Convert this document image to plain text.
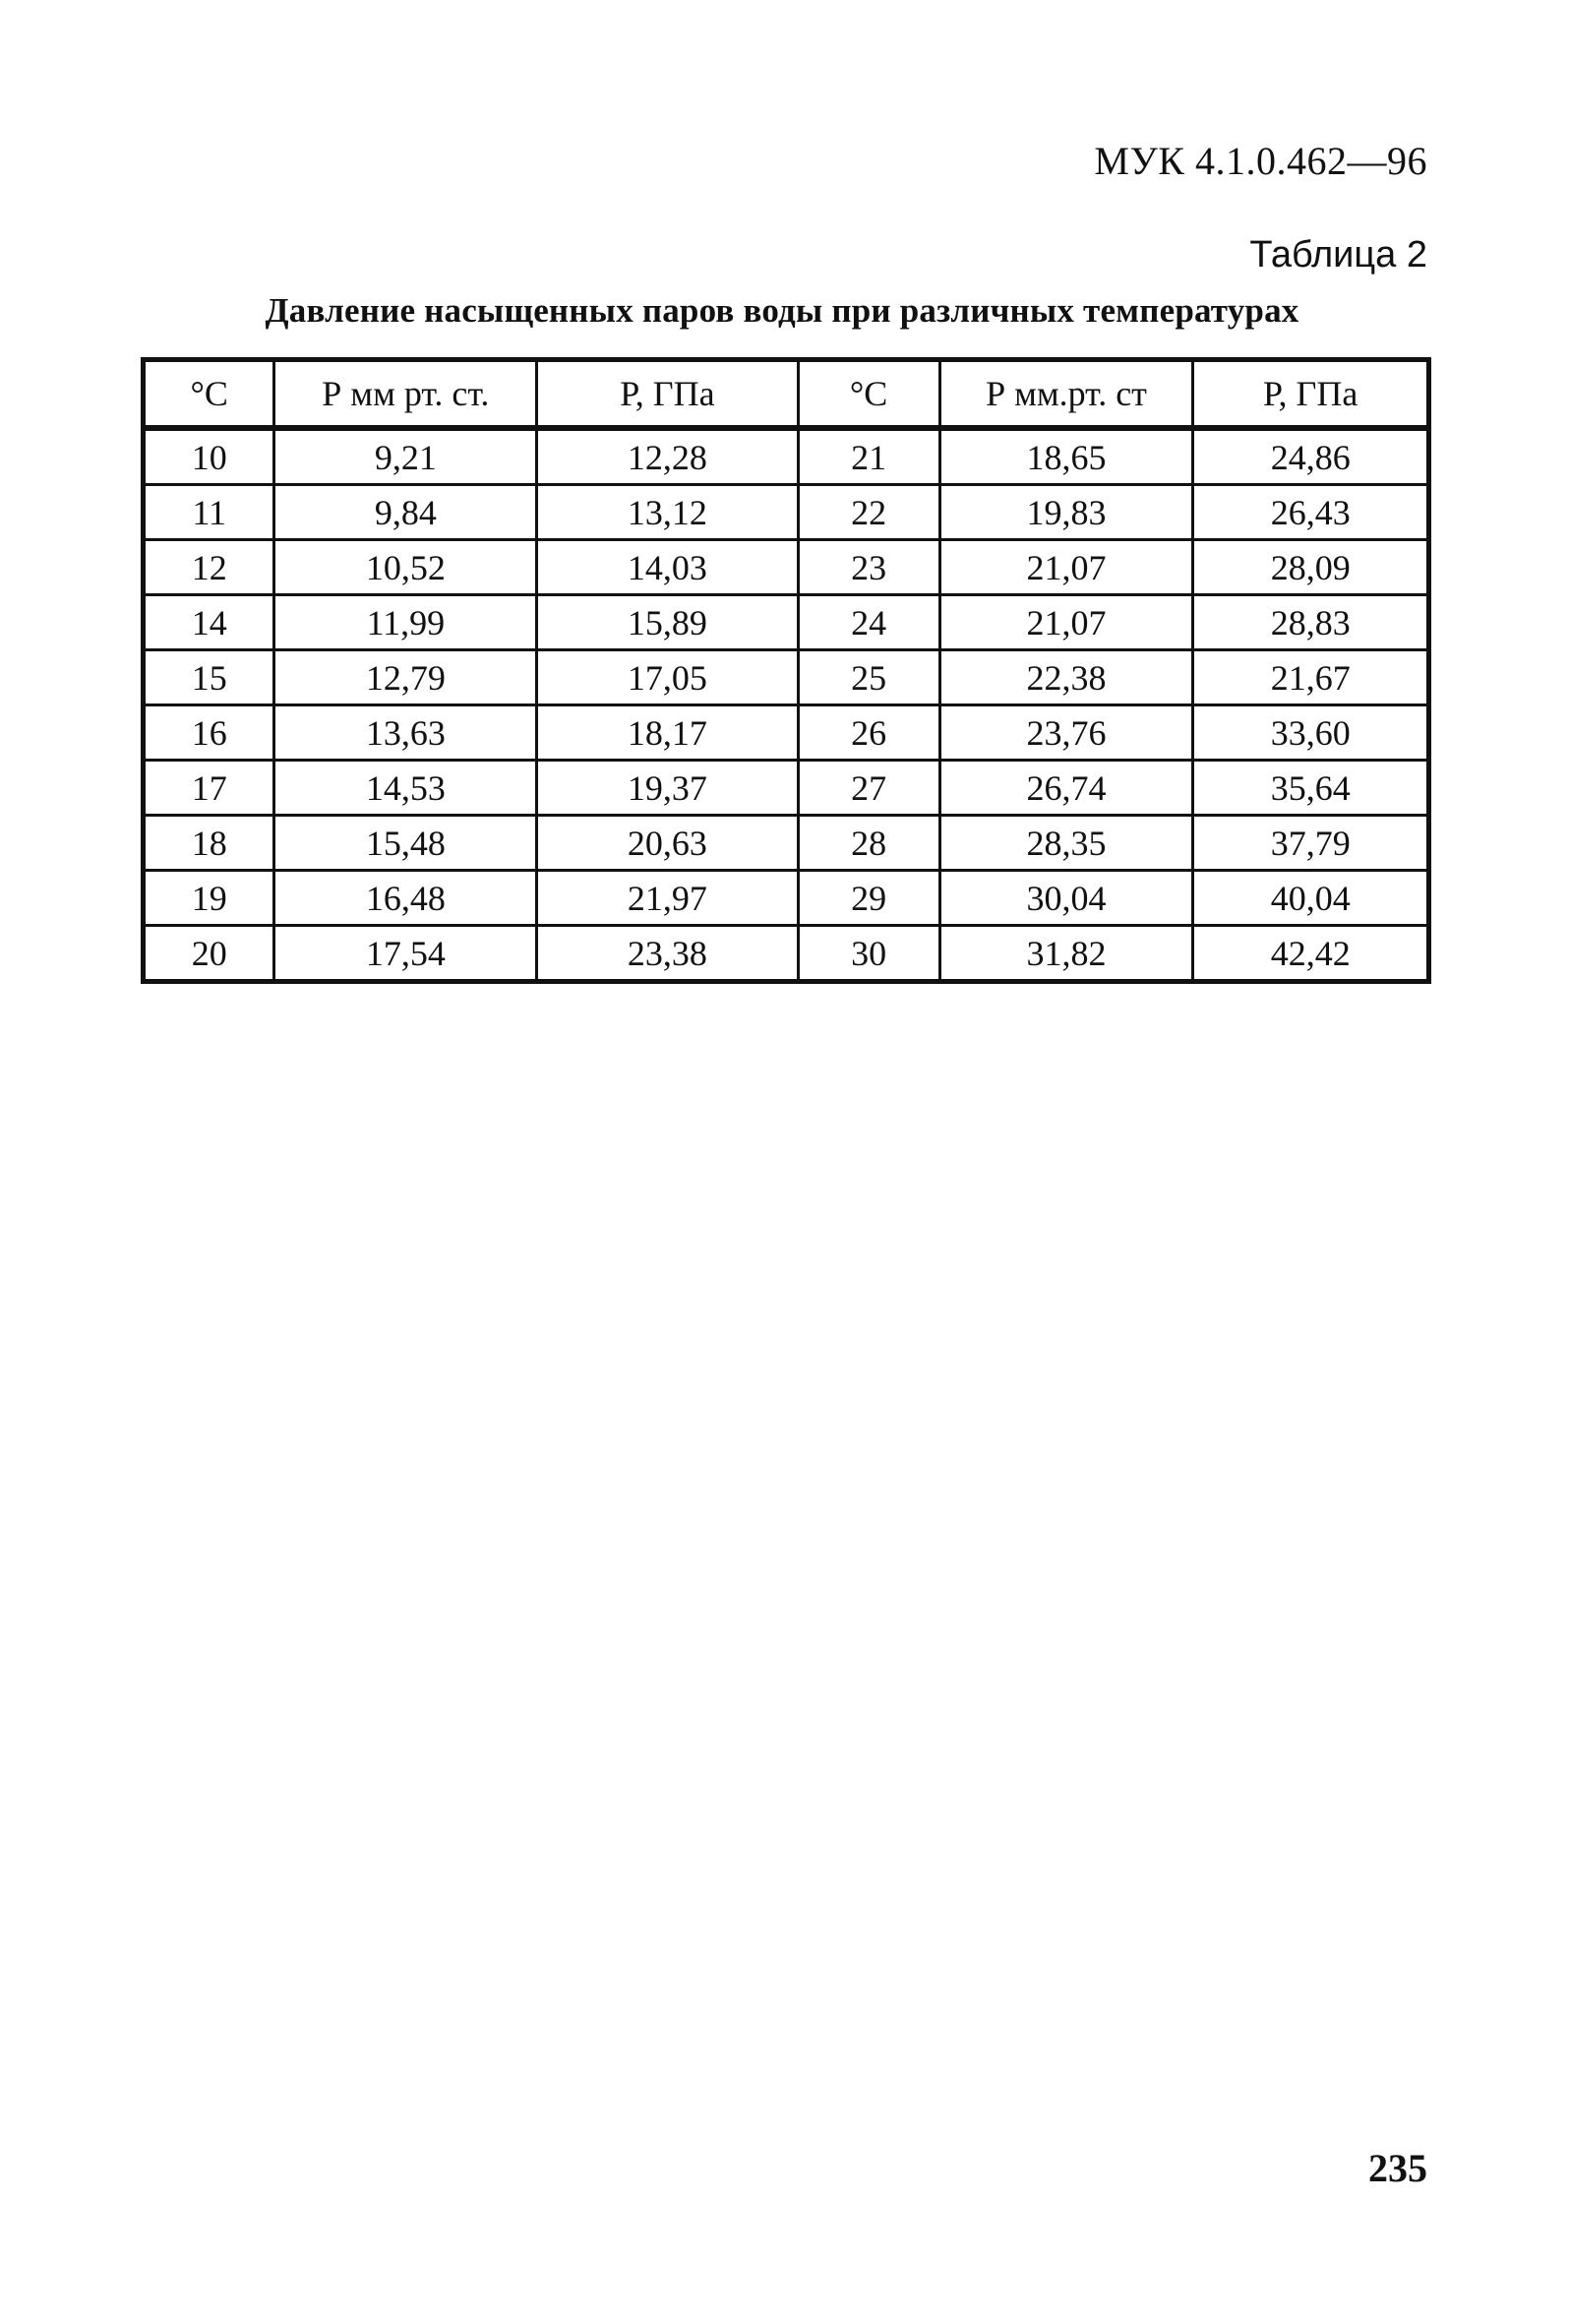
МУК 4.1.0.462—96
Таблица 2
Давление насыщенных паров воды при различных температурах
°С	Р мм рт. ст.	Р, ГПа	°С	Р мм.рт. ст	Р, ГПа
10	9,21	12,28	21	18,65	24,86
11	9,84	13,12	22	19,83	26,43
12	10,52	14,03	23	21,07	28,09
14	11,99	15,89	24	21,07	28,83
15	12,79	17,05	25	22,38	21,67
16	13,63	18,17	26	23,76	33,60
17	14,53	19,37	27	26,74	35,64
18	15,48	20,63	28	28,35	37,79
19	16,48	21,97	29	30,04	40,04
20	17,54	23,38	30	31,82	42,42
235
